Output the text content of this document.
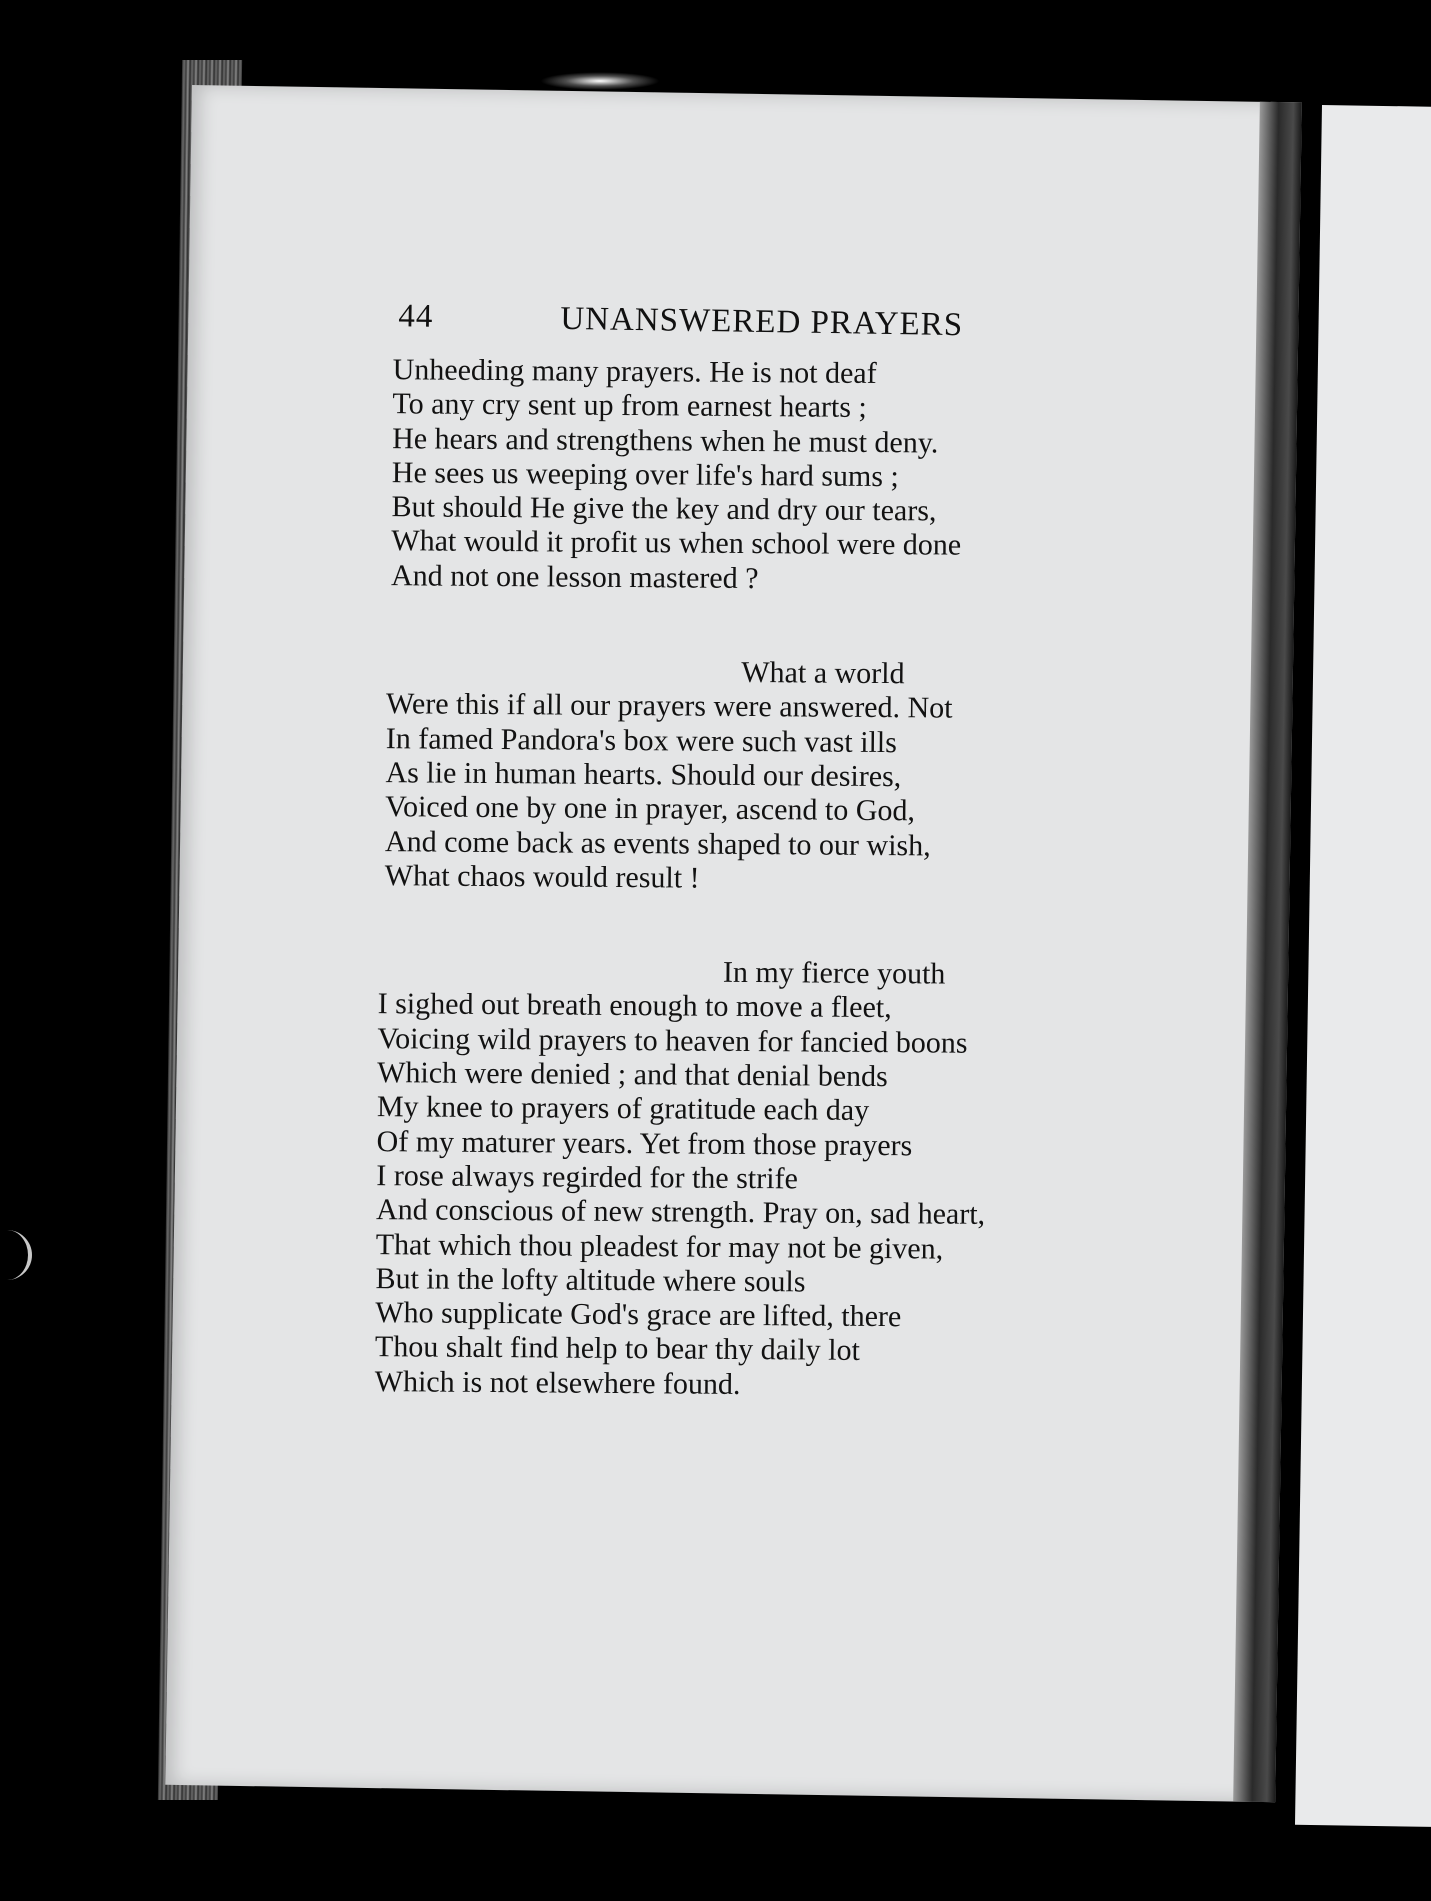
44	UNANSWERED PRAYERS
Unheeding many prayers. He is not deaf
To any cry sent up from earnest hearts ;
He hears and strengthens when he must deny.
He sees us weeping over life's hard sums ;
But should He give the key and dry our tears,
What would it profit us when school were done
And not one lesson mastered ?
What a world
Were this if all our prayers were answered. Not
In famed Pandora's box were such vast ills
As lie in human hearts. Should our desires,
Voiced one by one in prayer, ascend to God,
And come back as events shaped to our wish,
What chaos would result !
In my fierce youth
I sighed out breath enough to move a fleet,
Voicing wild prayers to heaven for fancied boons
Which were denied ; and that denial bends
My knee to prayers of gratitude each day
Of my maturer years. Yet from those prayers
I rose always regirded for the strife
And conscious of new strength. Pray on, sad heart,
That which thou pleadest for may not be given,
But in the lofty altitude where souls
Who supplicate God's grace are lifted, there
Thou shalt find help to bear thy daily lot
Which is not elsewhere found.
